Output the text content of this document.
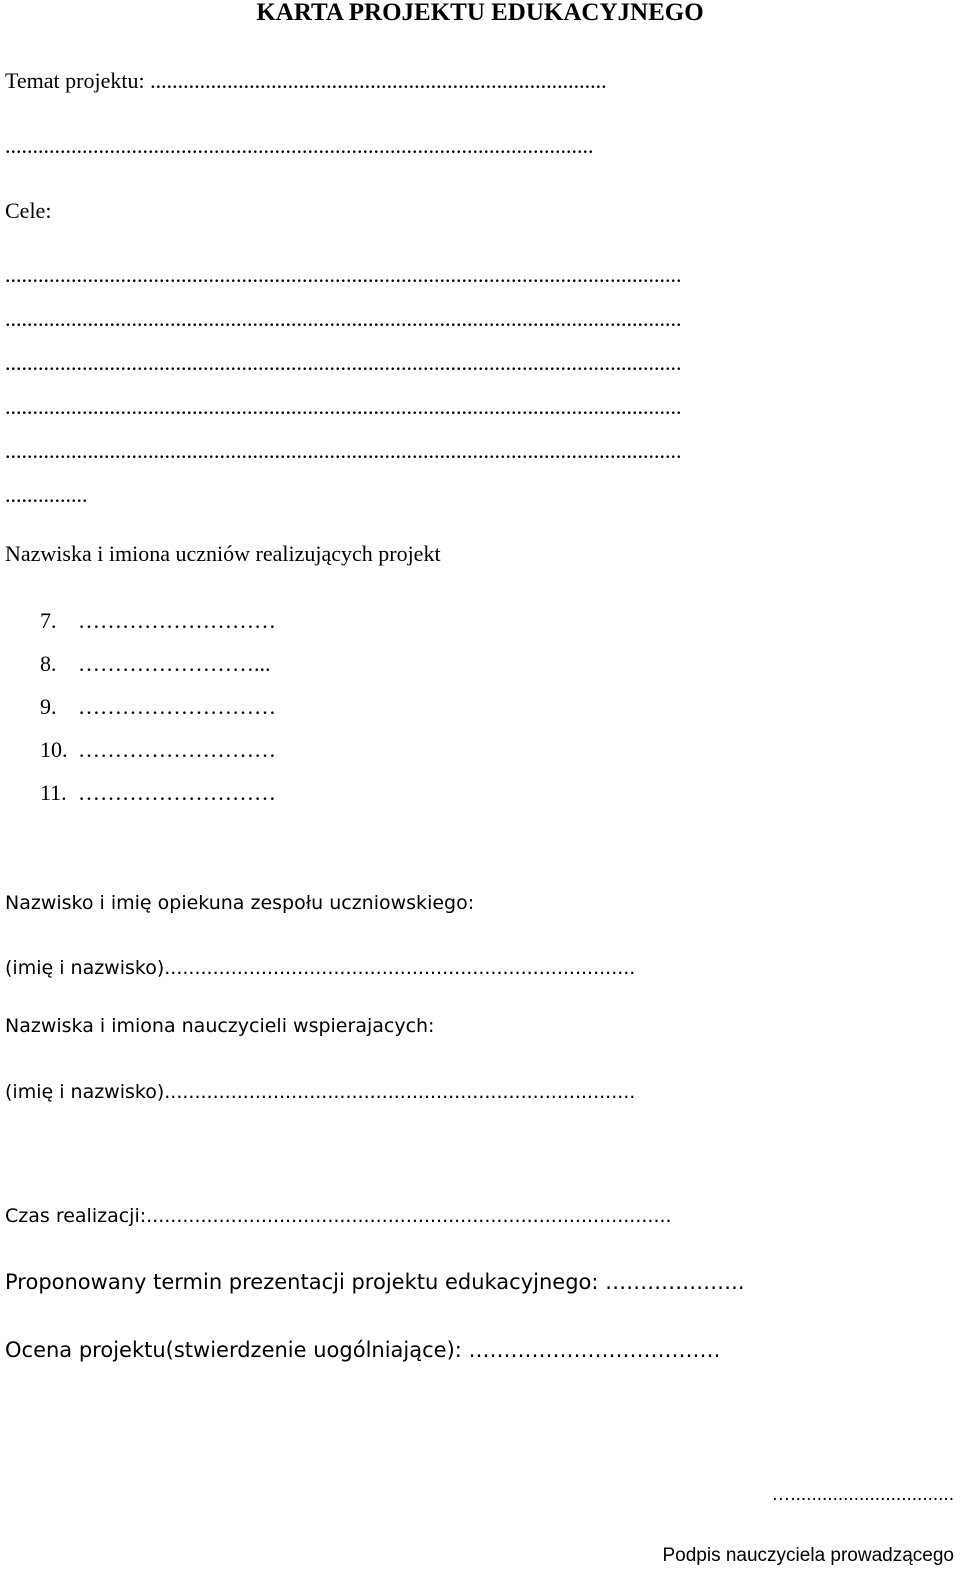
KARTA PROJEKTU EDUKACYJNEGO
Temat projektu: ...................................................................................
...........................................................................................................
Cele:
...........................................................................................................................
...........................................................................................................................
...........................................................................................................................
...........................................................................................................................
...........................................................................................................................
...............
Nazwiska i imiona uczniów realizujących projekt
7. ………………………
8. ……………………...
9. ………………………
10. ………………………
11. ………………………
Nazwisko i imię opiekuna zespołu uczniowskiego:
(imię i nazwisko)..............................................................................
Nazwiska i imiona nauczycieli wspierajacych:
(imię i nazwisko)..............................................................................
Czas realizacji:.......................................................................................
Proponowany termin prezentacji projektu edukacyjnego: ………………..
Ocena projektu(stwierdzenie uogólniające): ………………………………
…...............................
Podpis nauczyciela prowadzącego
